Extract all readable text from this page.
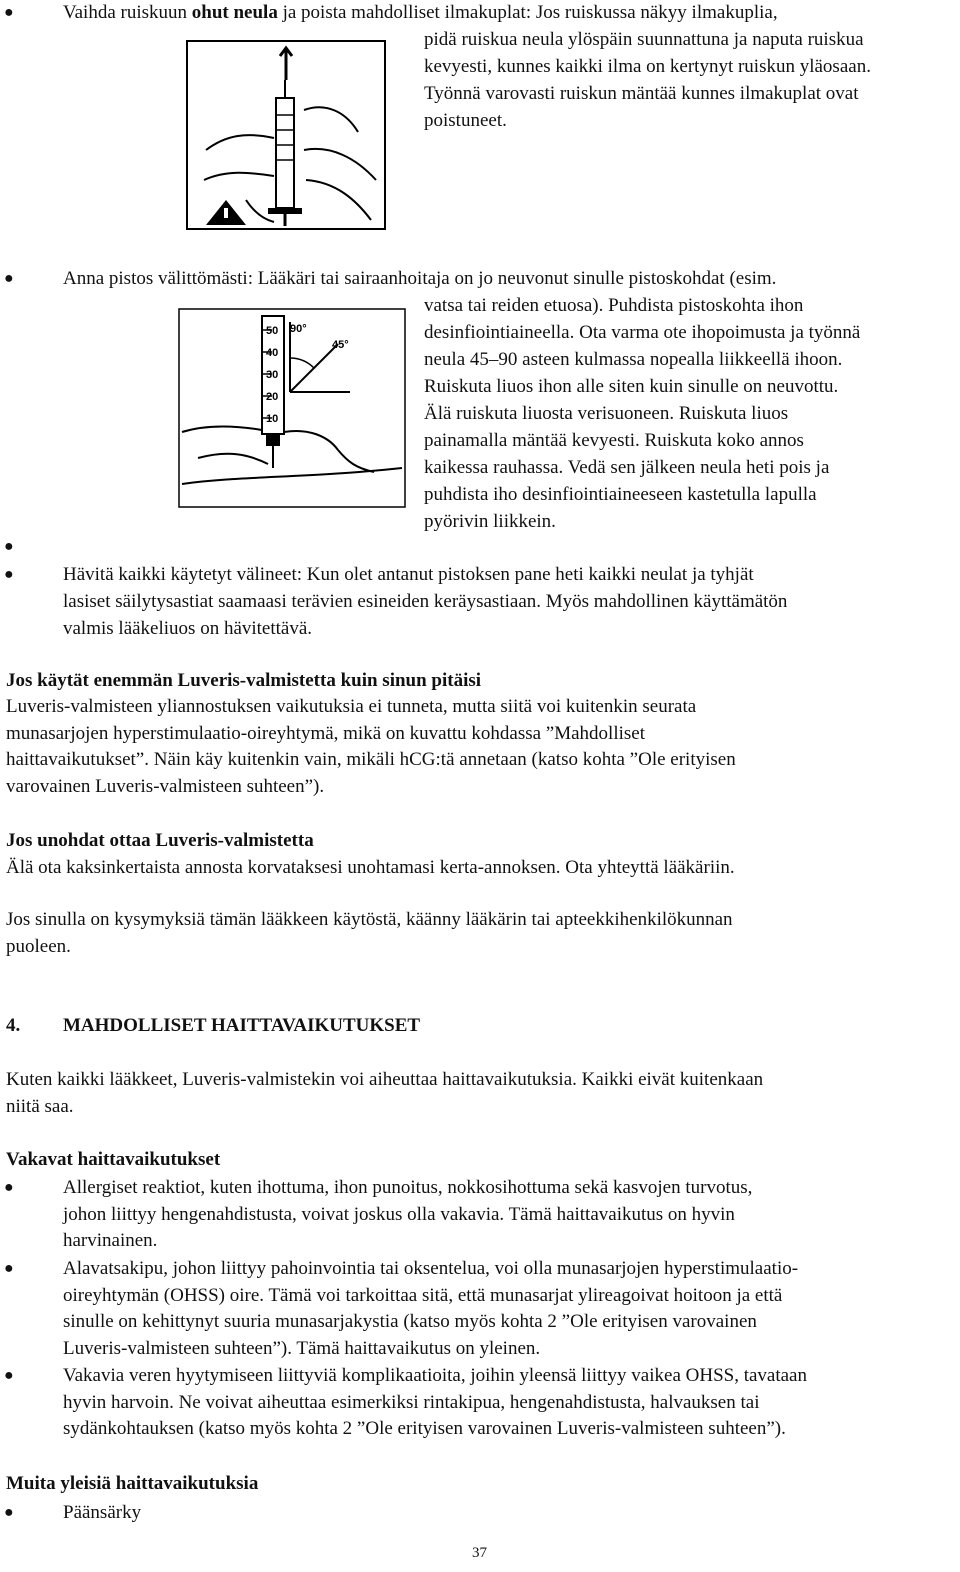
●	Vaihda ruiskuun ohut neula ja poista mahdolliset ilmakuplat: Jos ruiskussa näkyy ilmakuplia,
pidä ruiskua neula ylöspäin suunnattuna ja naputa ruiskua
kevyesti, kunnes kaikki ilma on kertynyt ruiskun yläosaan.
Työnnä varovasti ruiskun mäntää kunnes ilmakuplat ovat
poistuneet.
●	Anna pistos välittömästi: Lääkäri tai sairaanhoitaja on jo neuvonut sinulle pistoskohdat (esim.
vatsa tai reiden etuosa). Puhdista pistoskohta ihon
desinfiointiaineella. Ota varma ote ihopoimusta ja työnnä
neula 45–90 asteen kulmassa nopealla liikkeellä ihoon.
Ruiskuta liuos ihon alle siten kuin sinulle on neuvottu.
Älä ruiskuta liuosta verisuoneen. Ruiskuta liuos
painamalla mäntää kevyesti. Ruiskuta koko annos
kaikessa rauhassa. Vedä sen jälkeen neula heti pois ja
puhdista iho desinfiointiaineeseen kastetulla lapulla
pyörivin liikkein.
90°
45°
50
40
30
20
10
●
●	Hävitä kaikki käytetyt välineet: Kun olet antanut pistoksen pane heti kaikki neulat ja tyhjät
lasiset säilytysastiat saamaasi terävien esineiden keräysastiaan. Myös mahdollinen käyttämätön
valmis lääkeliuos on hävitettävä.
Jos käytät enemmän Luveris-valmistetta kuin sinun pitäisi
Luveris-valmisteen yliannostuksen vaikutuksia ei tunneta, mutta siitä voi kuitenkin seurata
munasarjojen hyperstimulaatio-oireyhtymä, mikä on kuvattu kohdassa ”Mahdolliset
haittavaikutukset”. Näin käy kuitenkin vain, mikäli hCG:tä annetaan (katso kohta ”Ole erityisen
varovainen Luveris-valmisteen suhteen”).
Jos unohdat ottaa Luveris-valmistetta
Älä ota kaksinkertaista annosta korvataksesi unohtamasi kerta-annoksen. Ota yhteyttä lääkäriin.
Jos sinulla on kysymyksiä tämän lääkkeen käytöstä, käänny lääkärin tai apteekkihenkilökunnan
puoleen.
4. MAHDOLLISET HAITTAVAIKUTUKSET
Kuten kaikki lääkkeet, Luveris-valmistekin voi aiheuttaa haittavaikutuksia. Kaikki eivät kuitenkaan
niitä saa.
Vakavat haittavaikutukset
●	Allergiset reaktiot, kuten ihottuma, ihon punoitus, nokkosihottuma sekä kasvojen turvotus,
johon liittyy hengenahdistusta, voivat joskus olla vakavia. Tämä haittavaikutus on hyvin
harvinainen.
●	Alavatsakipu, johon liittyy pahoinvointia tai oksentelua, voi olla munasarjojen hyperstimulaatio-
oireyhtymän (OHSS) oire. Tämä voi tarkoittaa sitä, että munasarjat ylireagoivat hoitoon ja että
sinulle on kehittynyt suuria munasarjakystia (katso myös kohta 2 ”Ole erityisen varovainen
Luveris-valmisteen suhteen”). Tämä haittavaikutus on yleinen.
●	Vakavia veren hyytymiseen liittyviä komplikaatioita, joihin yleensä liittyy vaikea OHSS, tavataan
hyvin harvoin. Ne voivat aiheuttaa esimerkiksi rintakipua, hengenahdistusta, halvauksen tai
sydänkohtauksen (katso myös kohta 2 ”Ole erityisen varovainen Luveris-valmisteen suhteen”).
Muita yleisiä haittavaikutuksia
●	Päänsärky
37
